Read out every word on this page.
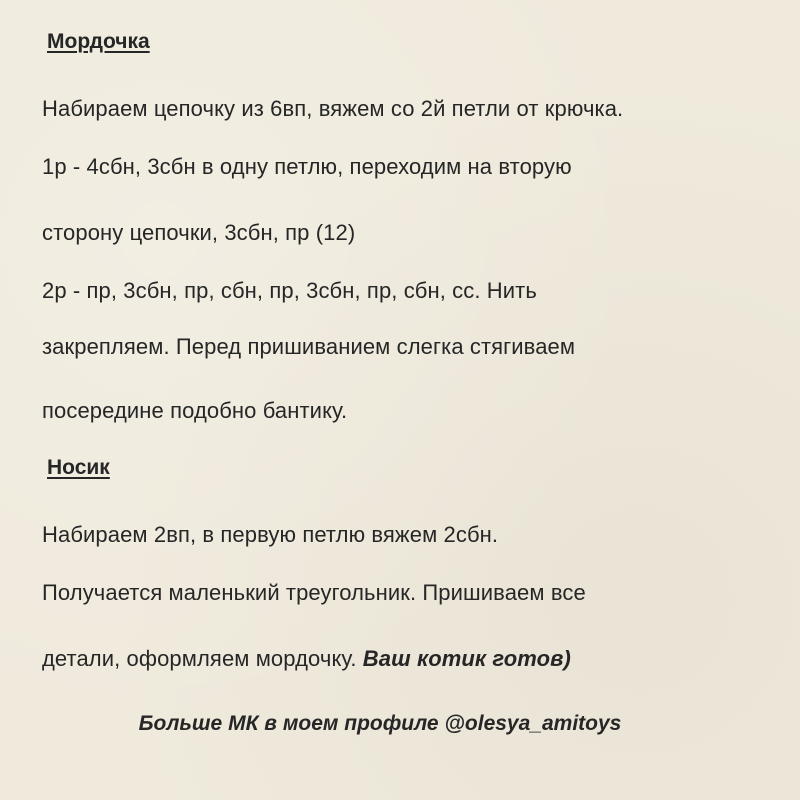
Мордочка
Набираем цепочку из 6вп, вяжем со 2й петли от крючка.
1р - 4сбн, 3сбн в одну петлю, переходим на вторую
сторону цепочки, 3сбн, пр (12)
2р - пр, 3сбн, пр, сбн, пр, 3сбн, пр, сбн, сс. Нить
закрепляем. Перед пришиванием слегка стягиваем
посередине подобно бантику.
Носик
Набираем 2вп, в первую петлю вяжем 2сбн.
Получается маленький треугольник. Пришиваем все
детали, оформляем мордочку. Ваш котик готов)
Больше МК в моем профиле @olesya_amitoys
